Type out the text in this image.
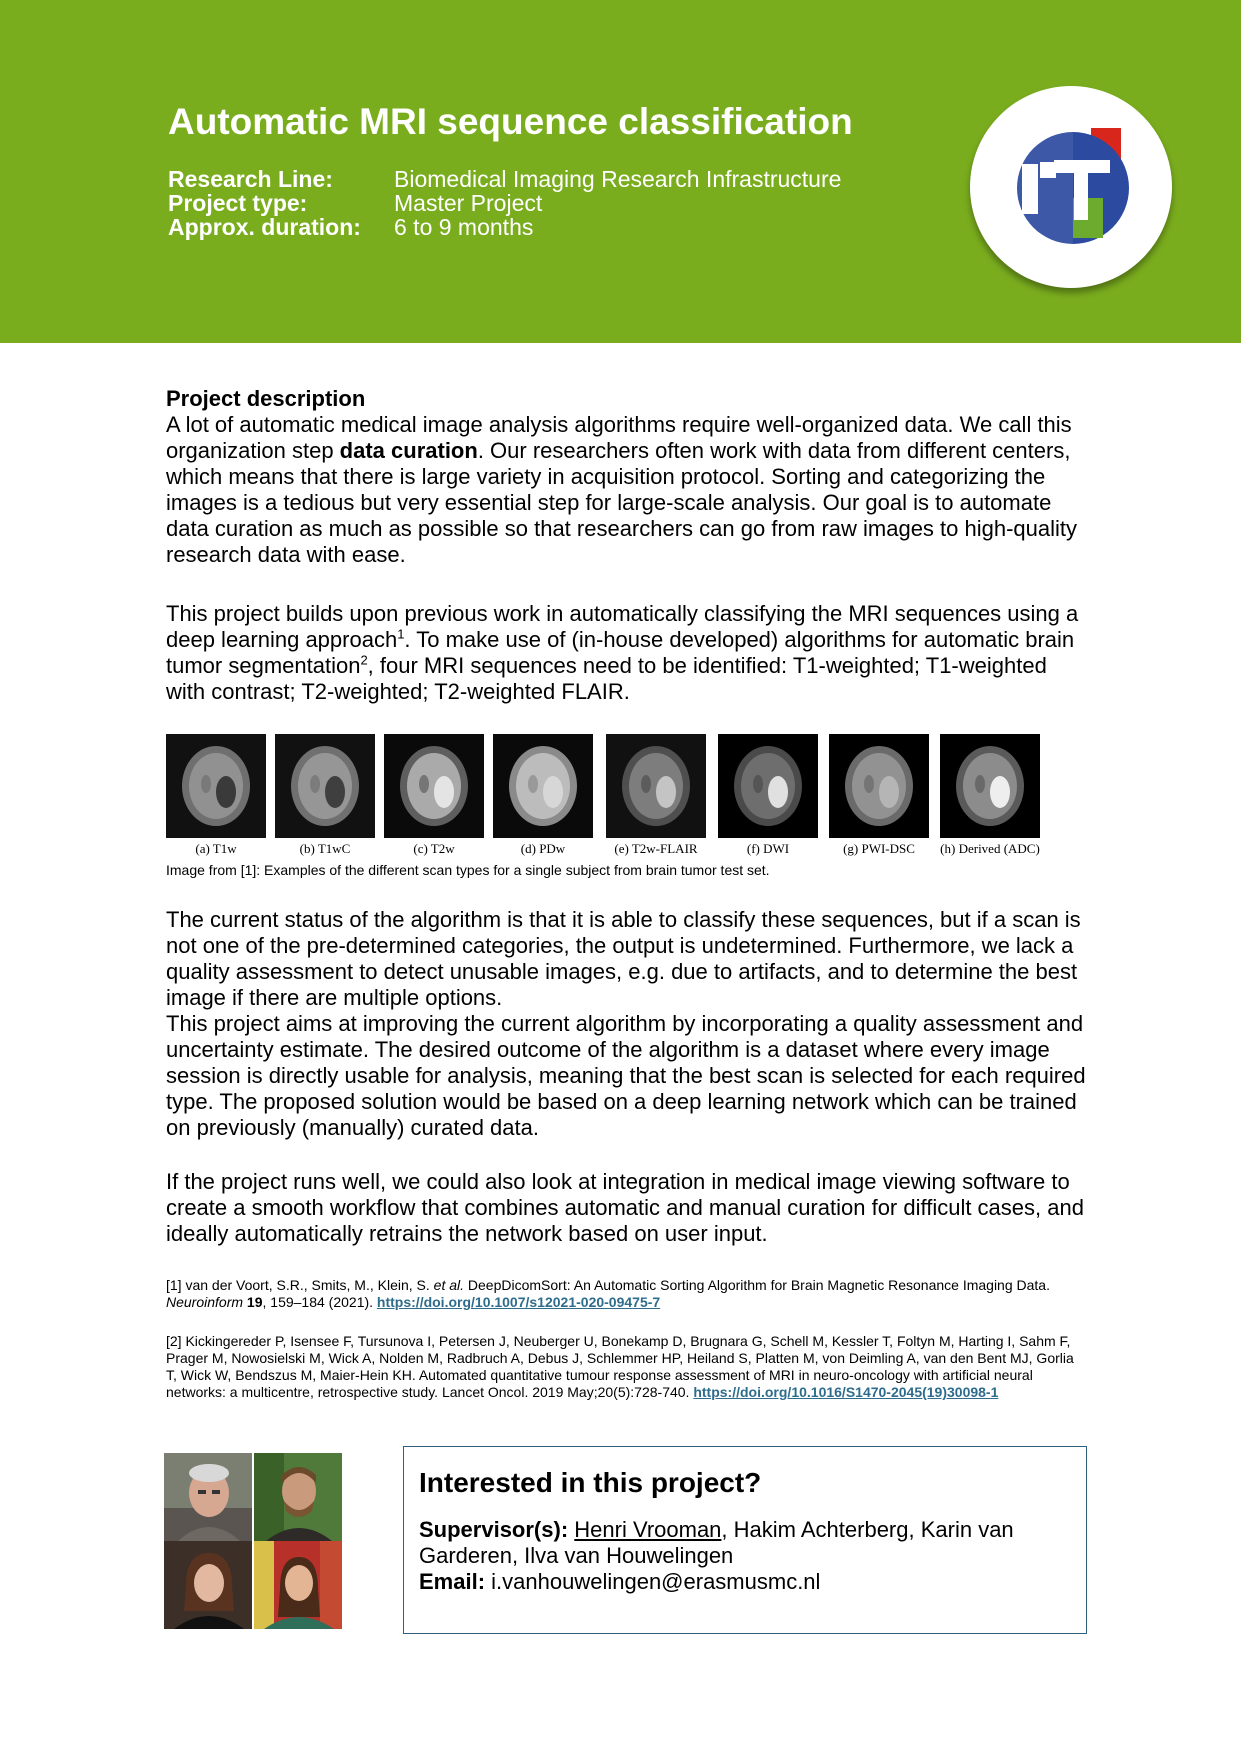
Automatic MRI sequence classification
Research Line:	Biomedical Imaging Research Infrastructure
Project type:	Master Project
Approx. duration:	6 to 9 months

Project description

A lot of automatic medical image analysis algorithms require well-organized data. We call this organization step data curation. Our researchers often work with data from different centers, which means that there is large variety in acquisition protocol. Sorting and categorizing the images is a tedious but very essential step for large-scale analysis. Our goal is to automate data curation as much as possible so that researchers can go from raw images to high-quality research data with ease.

This project builds upon previous work in automatically classifying the MRI sequences using a deep learning approach$^1$. To make use of (in-house developed) algorithms for automatic brain tumor segmentation$^2$, four MRI sequences need to be identified: T1-weighted; T1-weighted with contrast; T2-weighted; T2-weighted FLAIR.

(a) T1w	(b) T1wC	(c) T2w	(d) PDw	(e) T2w-FLAIR	(f) DWI	(g) PWI-DSC	(h) Derived (ADC)
Image from [1]: Examples of the different scan types for a single subject from brain tumor test set.

The current status of the algorithm is that it is able to classify these sequences, but if a scan is not one of the pre-determined categories, the output is undetermined. Furthermore, we lack a quality assessment to detect unusable images, e.g. due to artifacts, and to determine the best image if there are multiple options.

This project aims at improving the current algorithm by incorporating a quality assessment and uncertainty estimate. The desired outcome of the algorithm is a dataset where every image session is directly usable for analysis, meaning that the best scan is selected for each required type. The proposed solution would be based on a deep learning network which can be trained on previously (manually) curated data.

If the project runs well, we could also look at integration in medical image viewing software to create a smooth workflow that combines automatic and manual curation for difficult cases, and ideally automatically retrains the network based on user input.

[1] van der Voort, S.R., Smits, M., Klein, S. et al. DeepDicomSort: An Automatic Sorting Algorithm for Brain Magnetic Resonance Imaging Data. Neuroinform 19, 159–184 (2021). https://doi.org/10.1007/s12021-020-09475-7
[2] Kickingereder P, Isensee F, Tursunova I, Petersen J, Neuberger U, Bonekamp D, Brugnara G, Schell M, Kessler T, Foltyn M, Harting I, Sahm F, Prager M, Nowosielski M, Wick A, Nolden M, Radbruch A, Debus J, Schlemmer HP, Heiland S, Platten M, von Deimling A, van den Bent MJ, Gorlia T, Wick W, Bendszus M, Maier-Hein KH. Automated quantitative tumour response assessment of MRI in neuro-oncology with artificial neural networks: a multicentre, retrospective study. Lancet Oncol. 2019 May;20(5):728-740. https://doi.org/10.1016/S1470-2045(19)30098-1
Interested in this project?
Supervisor(s): Henri Vrooman, Hakim Achterberg, Karin van Garderen, Ilva van Houwelingen
Email: i.vanhouwelingen@erasmusmc.nl
